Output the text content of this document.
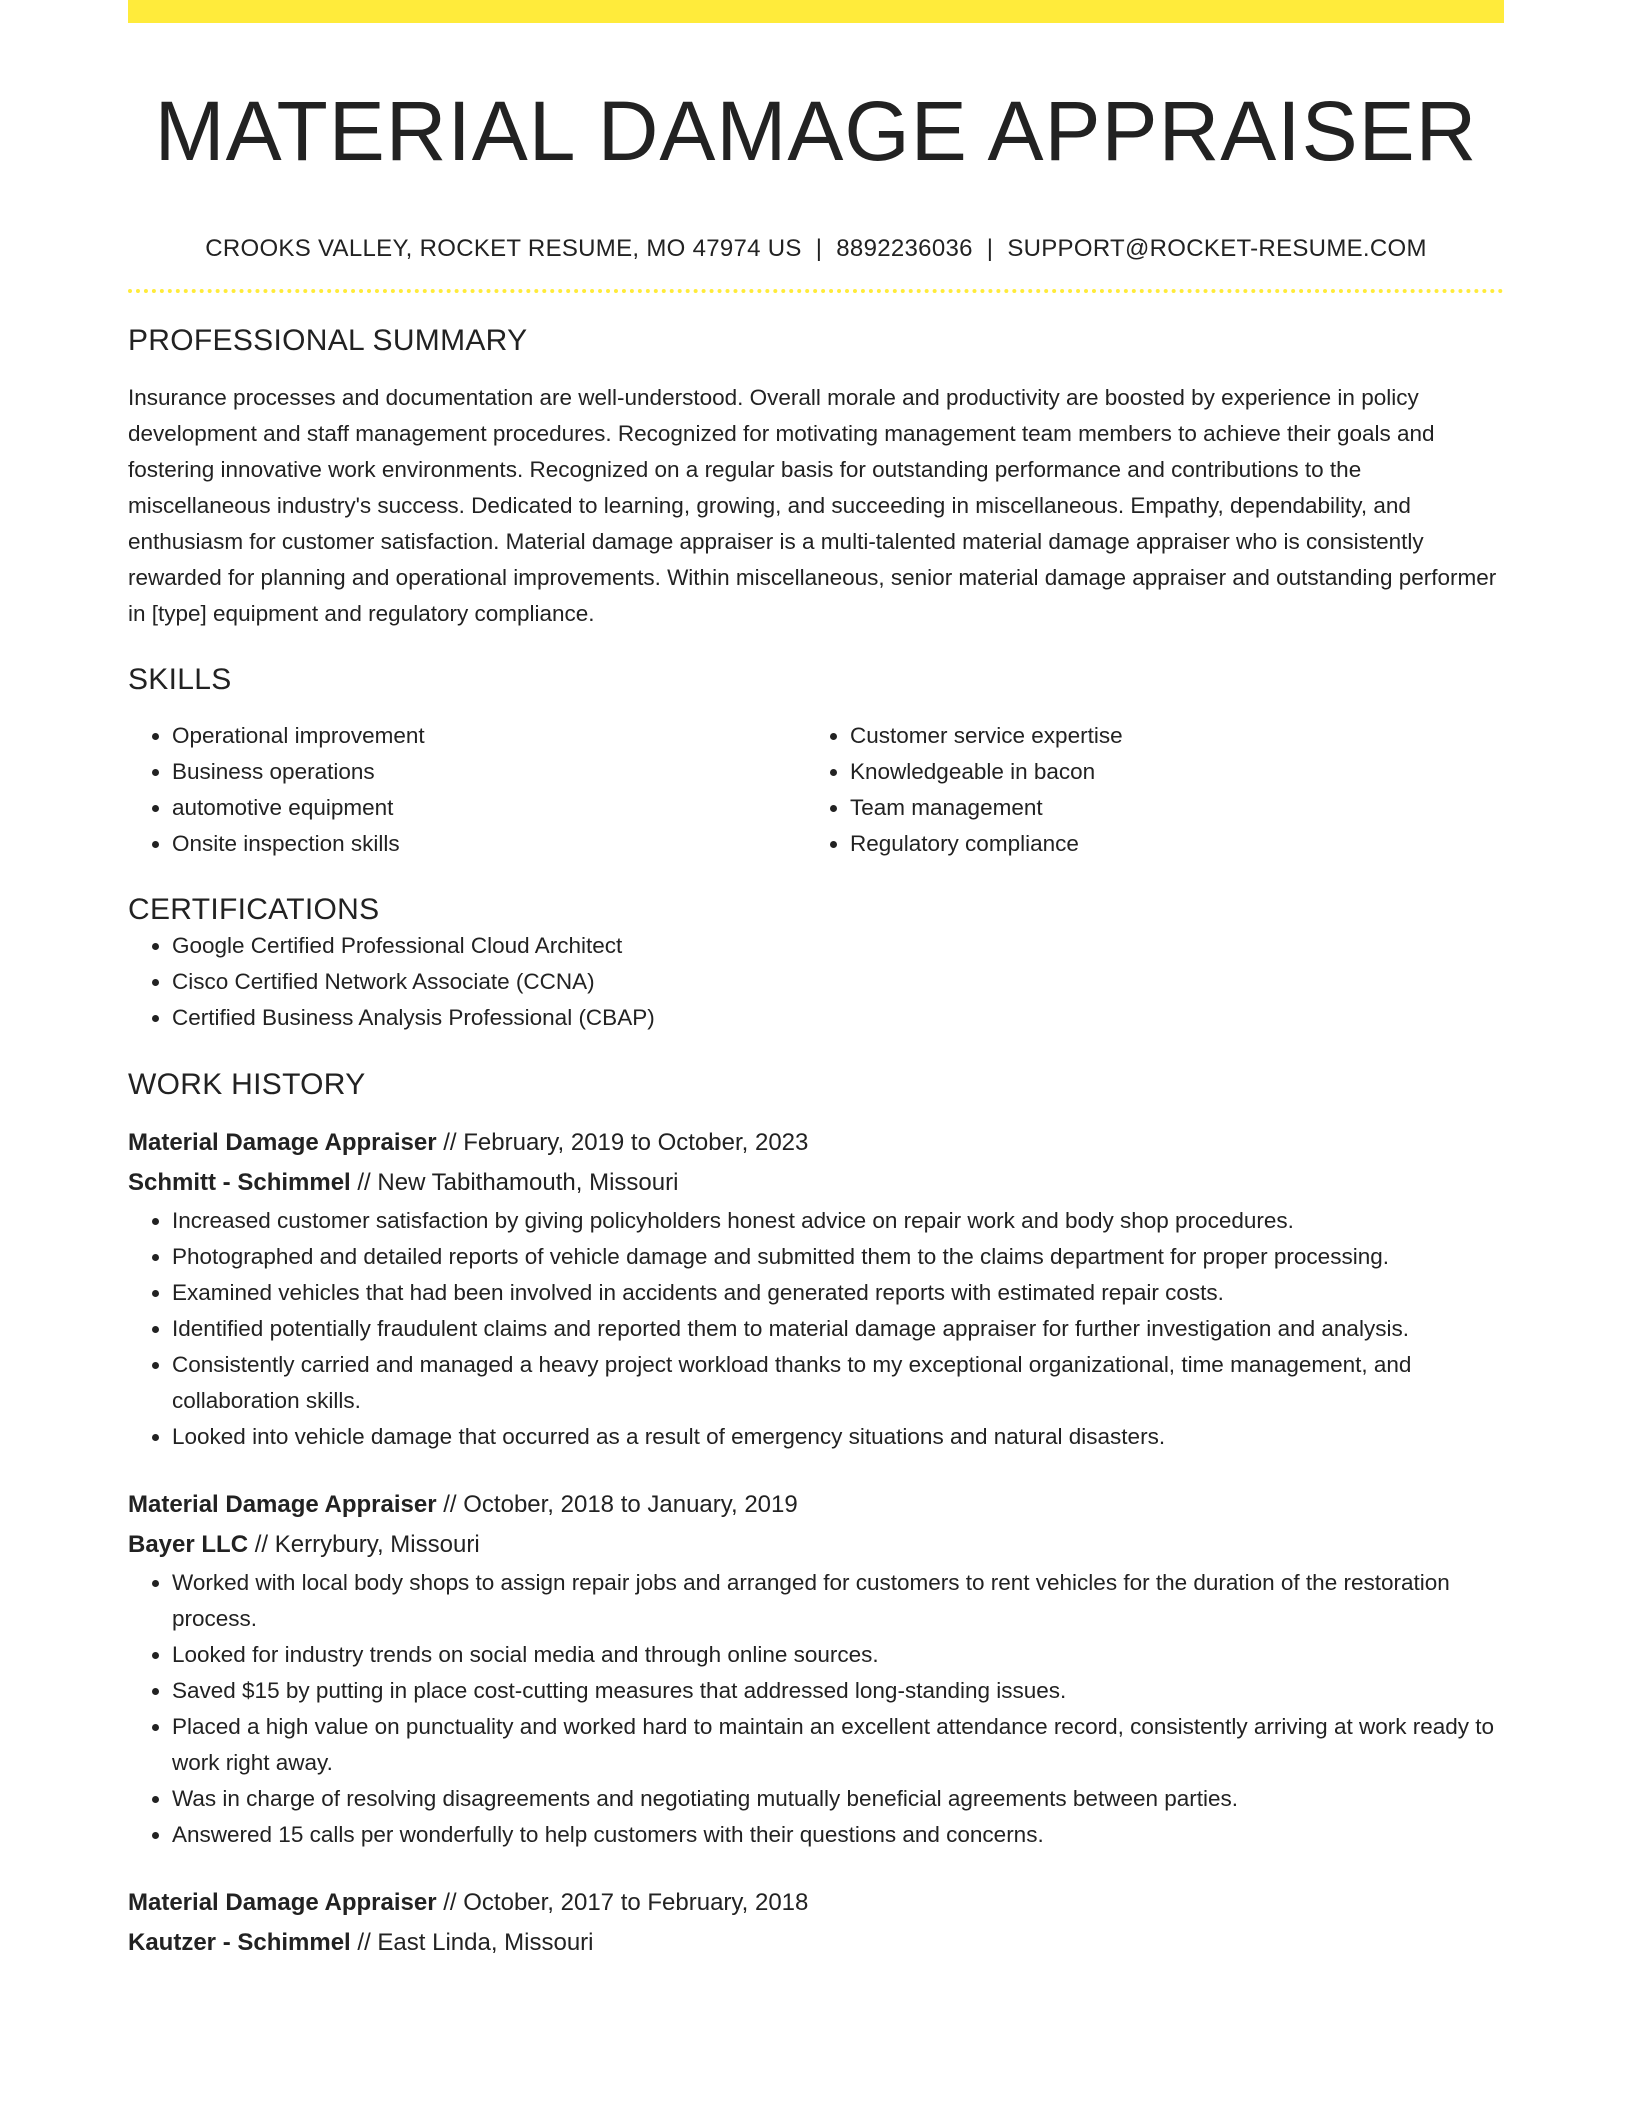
MATERIAL DAMAGE APPRAISER
CROOKS VALLEY, ROCKET RESUME, MO 47974 US | 8892236036 | SUPPORT@ROCKET-RESUME.COM
PROFESSIONAL SUMMARY

Insurance processes and documentation are well-understood. Overall morale and productivity are boosted by experience in policy development and staff management procedures. Recognized for motivating management team members to achieve their goals and fostering innovative work environments. Recognized on a regular basis for outstanding performance and contributions to the miscellaneous industry's success. Dedicated to learning, growing, and succeeding in miscellaneous. Empathy, dependability, and enthusiasm for customer satisfaction. Material damage appraiser is a multi-talented material damage appraiser who is consistently rewarded for planning and operational improvements. Within miscellaneous, senior material damage appraiser and outstanding performer in [type] equipment and regulatory compliance.

SKILLS
• Operational improvement
• Business operations
• automotive equipment
• Onsite inspection skills
• Customer service expertise
• Knowledgeable in bacon
• Team management
• Regulatory compliance
CERTIFICATIONS
• Google Certified Professional Cloud Architect
• Cisco Certified Network Associate (CCNA)
• Certified Business Analysis Professional (CBAP)
WORK HISTORY
Material Damage Appraiser // February, 2019 to October, 2023
Schmitt - Schimmel // New Tabithamouth, Missouri
• Increased customer satisfaction by giving policyholders honest advice on repair work and body shop procedures.
• Photographed and detailed reports of vehicle damage and submitted them to the claims department for proper processing.
• Examined vehicles that had been involved in accidents and generated reports with estimated repair costs.
• Identified potentially fraudulent claims and reported them to material damage appraiser for further investigation and analysis.
• Consistently carried and managed a heavy project workload thanks to my exceptional organizational, time management, and collaboration skills.
• Looked into vehicle damage that occurred as a result of emergency situations and natural disasters.
Material Damage Appraiser // October, 2018 to January, 2019
Bayer LLC // Kerrybury, Missouri
• Worked with local body shops to assign repair jobs and arranged for customers to rent vehicles for the duration of the restoration process.
• Looked for industry trends on social media and through online sources.
• Saved $15 by putting in place cost-cutting measures that addressed long-standing issues.
• Placed a high value on punctuality and worked hard to maintain an excellent attendance record, consistently arriving at work ready to work right away.
• Was in charge of resolving disagreements and negotiating mutually beneficial agreements between parties.
• Answered 15 calls per wonderfully to help customers with their questions and concerns.
Material Damage Appraiser // October, 2017 to February, 2018
Kautzer - Schimmel // East Linda, Missouri
